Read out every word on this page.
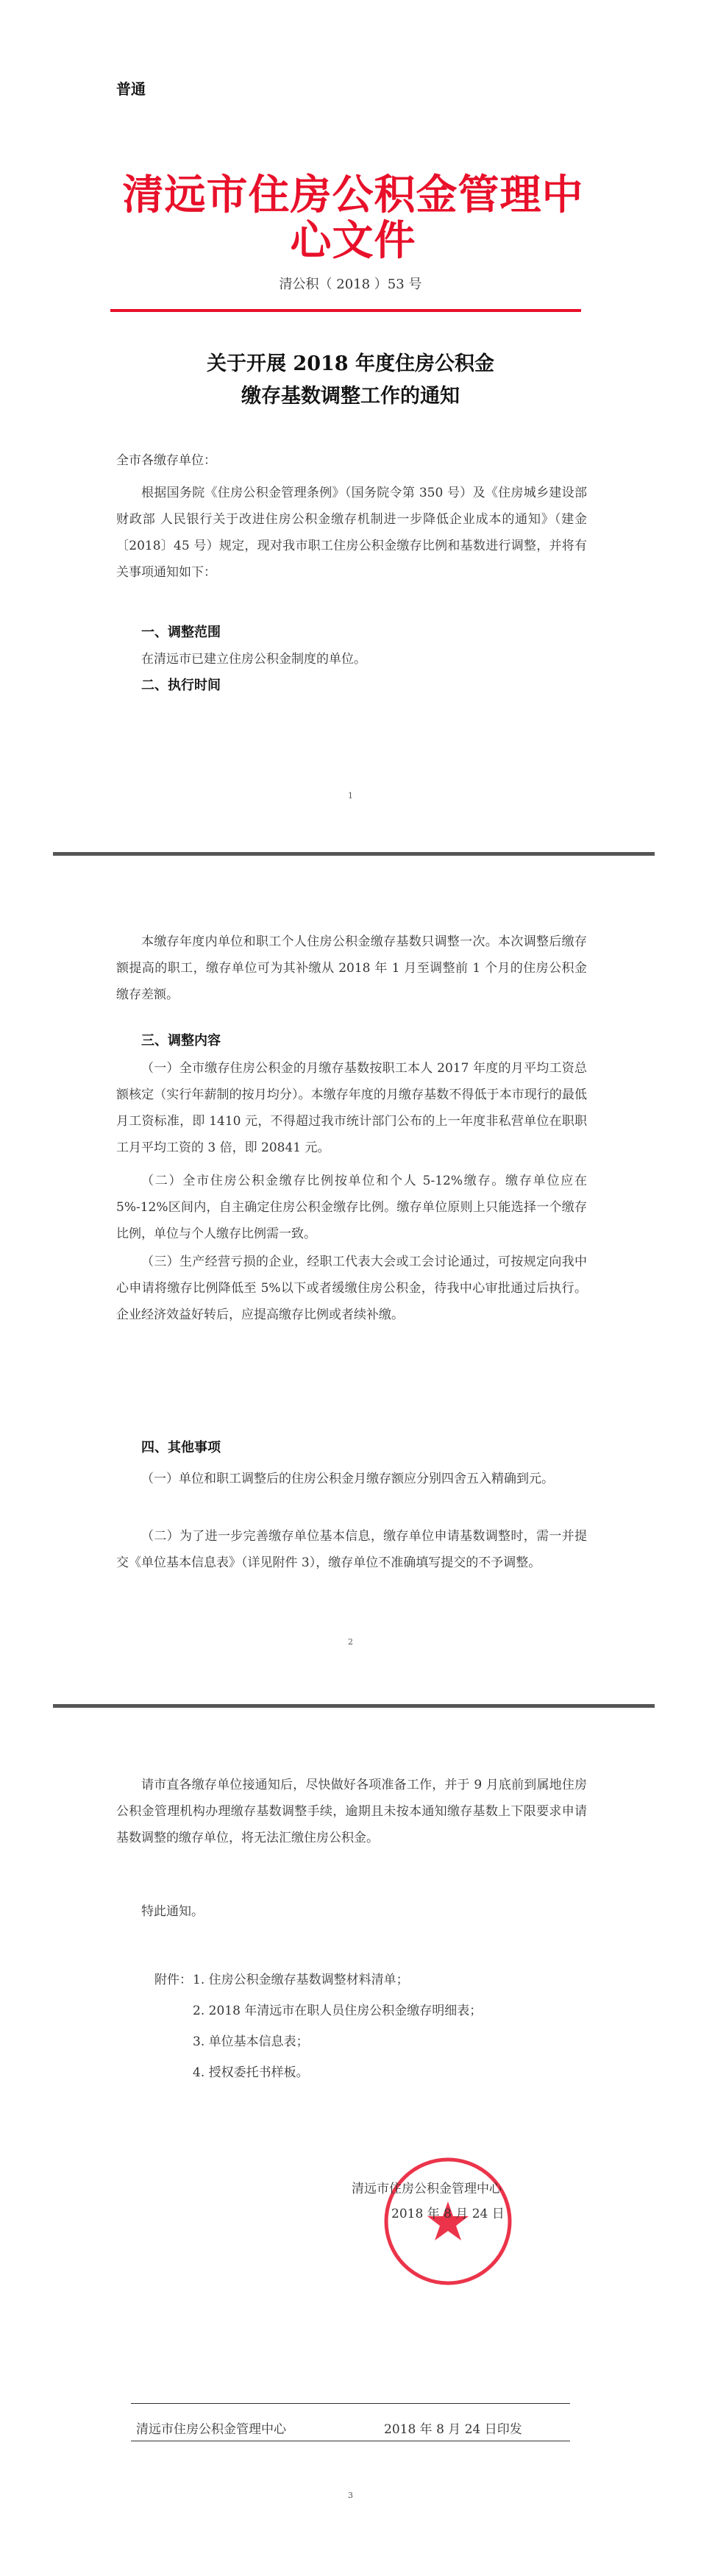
普通
清远市住房公积金管理中心文件
清公积（ 2018 ）53 号
关于开展 2018 年度住房公积金
缴存基数调整工作的通知
全市各缴存单位：
根据国务院《住房公积金管理条例》（国务院令第 350 号）及《住房城乡建设部 财政部 人民银行关于改进住房公积金缴存机制进一步降低企业成本的通知》（建金〔2018〕45 号）规定，现对我市职工住房公积金缴存比例和基数进行调整，并将有关事项通知如下：
一、调整范围
在清远市已建立住房公积金制度的单位。
二、执行时间
1
本缴存年度内单位和职工个人住房公积金缴存基数只调整一次。本次调整后缴存额提高的职工，缴存单位可为其补缴从 2018 年 1 月至调整前 1 个月的住房公积金缴存差额。
三、调整内容
（一）全市缴存住房公积金的月缴存基数按职工本人 2017 年度的月平均工资总额核定（实行年薪制的按月均分）。本缴存年度的月缴存基数不得低于本市现行的最低月工资标准，即 1410 元，不得超过我市统计部门公布的上一年度非私营单位在职职工月平均工资的 3 倍，即 20841 元。
（二）全市住房公积金缴存比例按单位和个人 5-12%缴存。缴存单位应在 5%-12%区间内，自主确定住房公积金缴存比例。缴存单位原则上只能选择一个缴存比例，单位与个人缴存比例需一致。
（三）生产经营亏损的企业，经职工代表大会或工会讨论通过，可按规定向我中心申请将缴存比例降低至 5%以下或者缓缴住房公积金，待我中心审批通过后执行。企业经济效益好转后，应提高缴存比例或者续补缴。
四、其他事项
（一）单位和职工调整后的住房公积金月缴存额应分别四舍五入精确到元。
（二）为了进一步完善缴存单位基本信息，缴存单位申请基数调整时，需一并提交《单位基本信息表》（详见附件 3），缴存单位不准确填写提交的不予调整。
2
请市直各缴存单位接通知后，尽快做好各项准备工作，并于 9 月底前到属地住房公积金管理机构办理缴存基数调整手续，逾期且未按本通知缴存基数上下限要求申请基数调整的缴存单位，将无法汇缴住房公积金。
特此通知。
附件： 1. 住房公积金缴存基数调整材料清单；
2. 2018 年清远市在职人员住房公积金缴存明细表；
3. 单位基本信息表；
4. 授权委托书样板。
清远市住房公积金管理中心
2018 年 8 月 24 日
清远市住房公积金管理中心	2018 年 8 月 24 日印发
3
